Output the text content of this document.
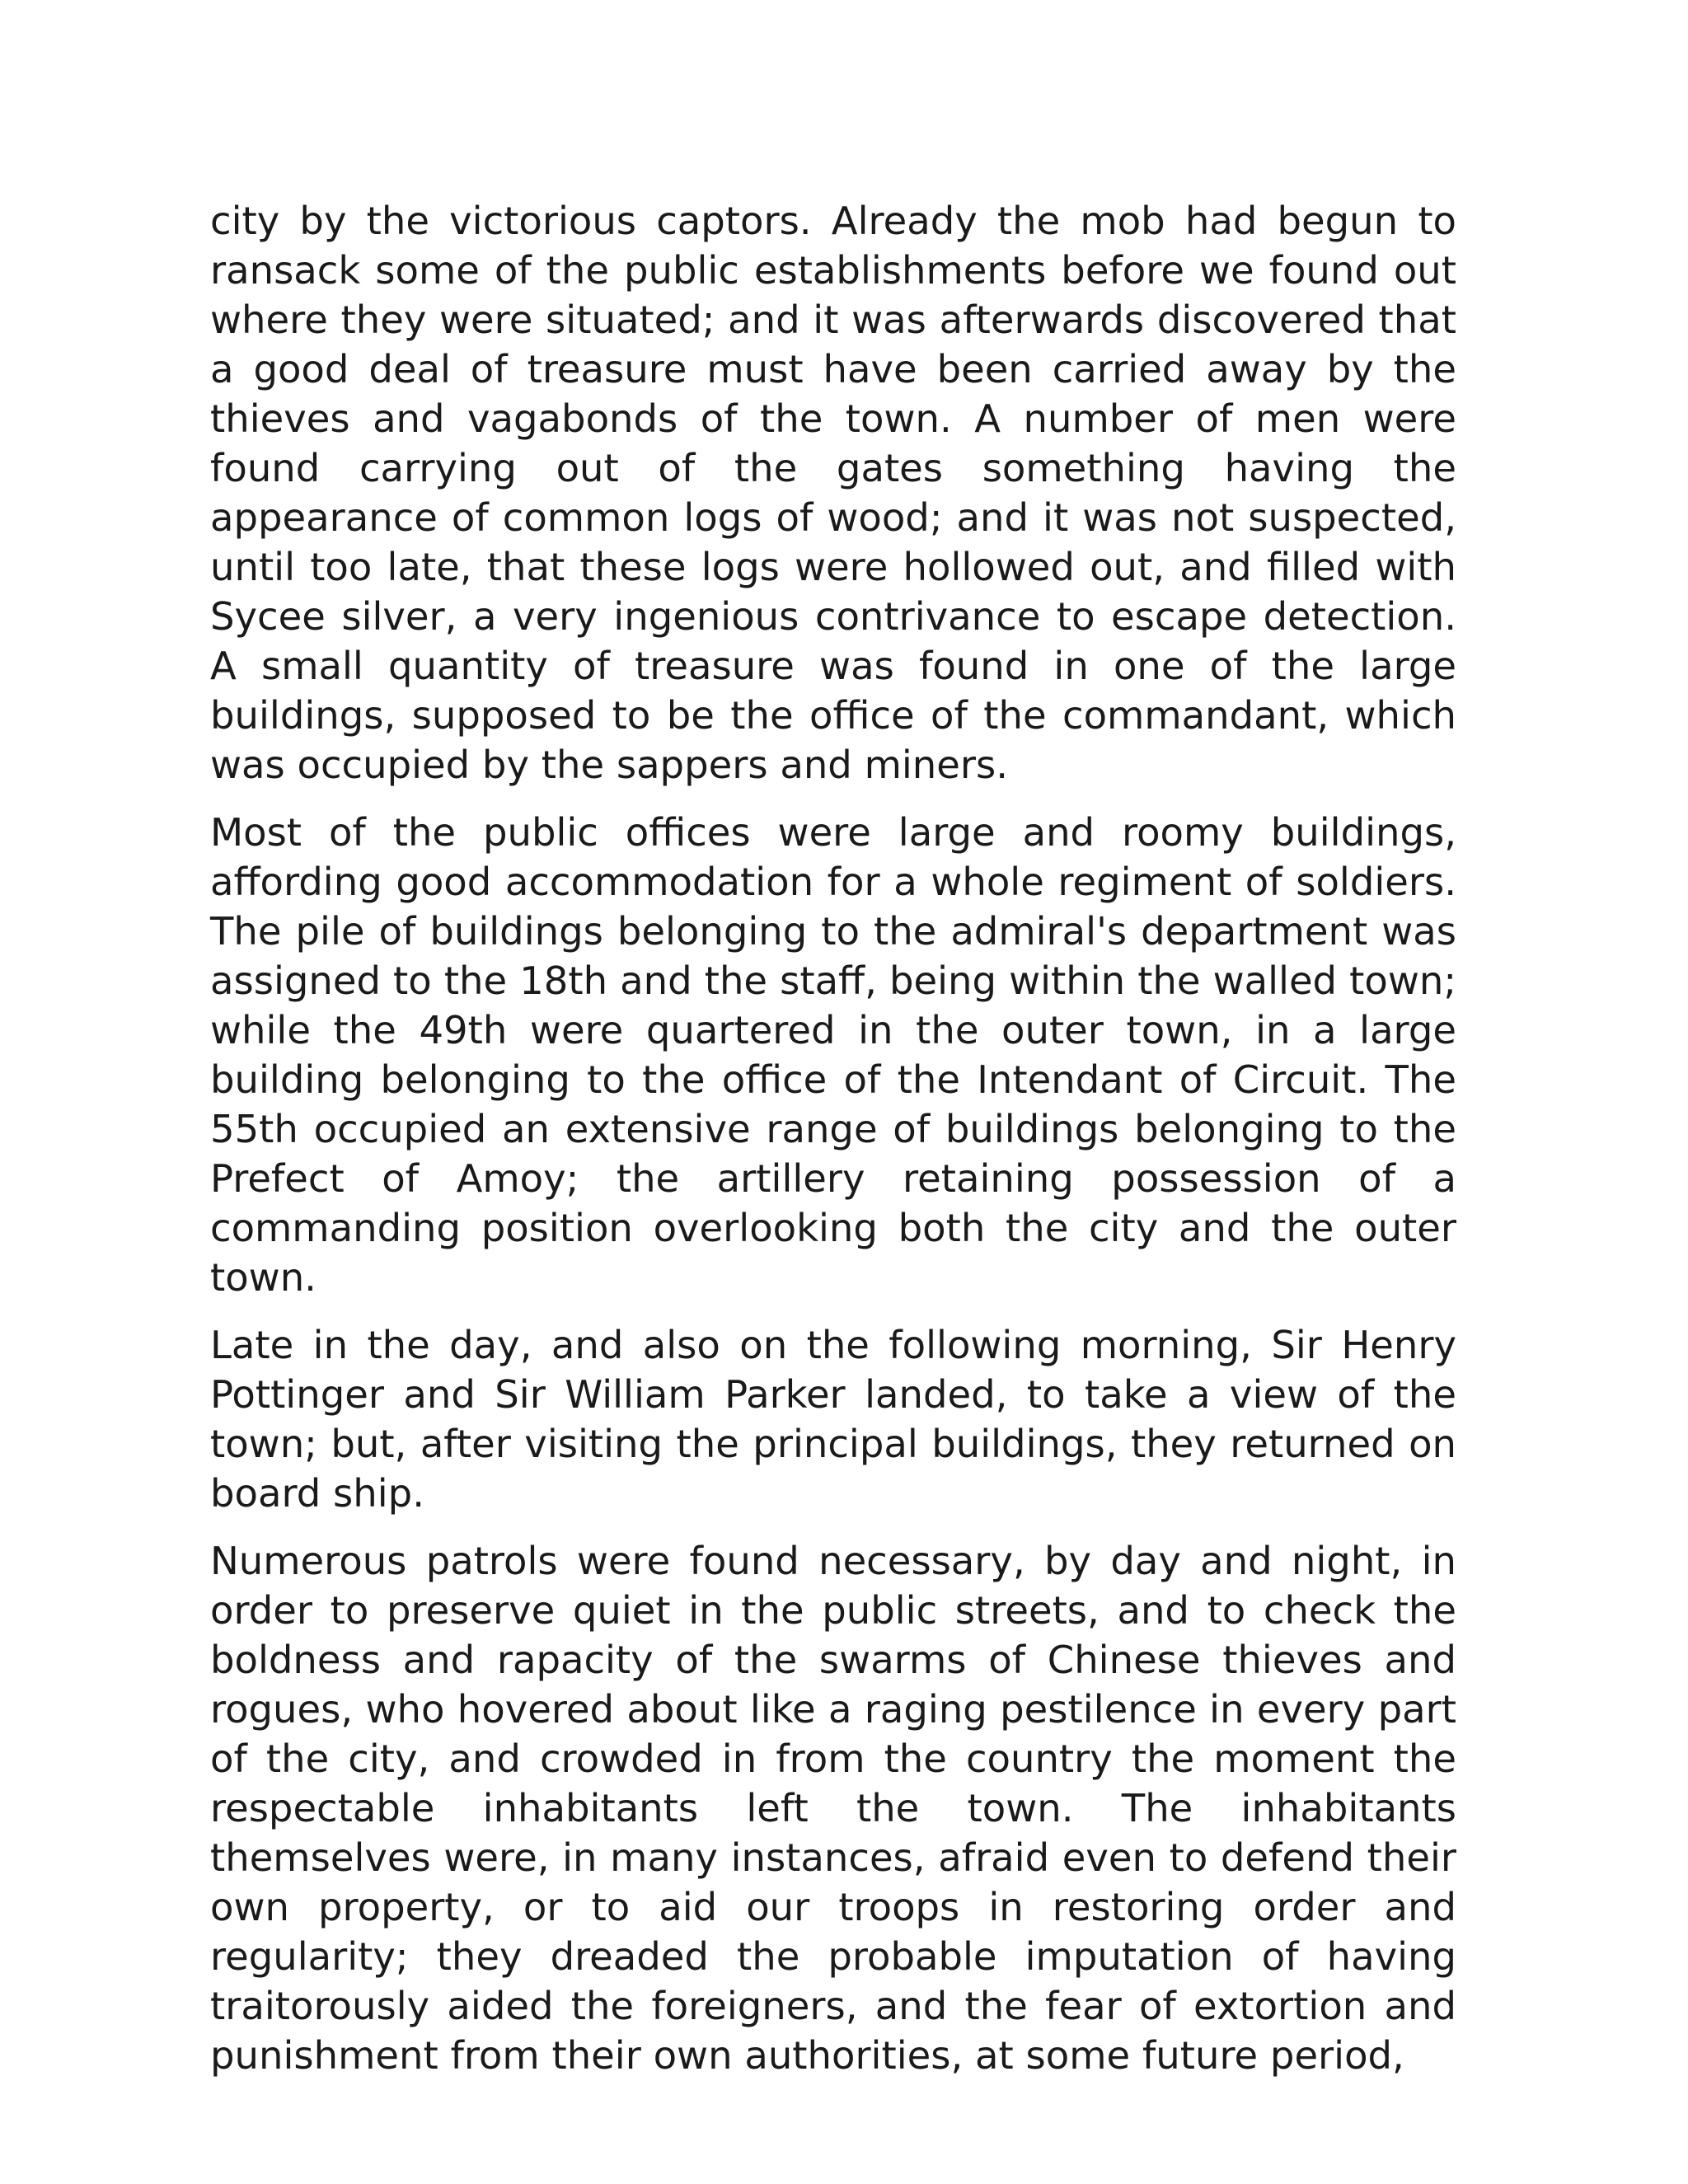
city by the victorious captors. Already the mob had begun to ransack some of the public establishments before we found out where they were situated; and it was afterwards discovered that a good deal of treasure must have been carried away by the thieves and vagabonds of the town. A number of men were found carrying out of the gates something having the appearance of common logs of wood; and it was not suspected, until too late, that these logs were hollowed out, and filled with Sycee silver, a very ingenious contrivance to escape detection. A small quantity of treasure was found in one of the large buildings, supposed to be the office of the commandant, which was occupied by the sappers and miners.

Most of the public offices were large and roomy buildings, affording good accommodation for a whole regiment of soldiers. The pile of buildings belonging to the admiral's department was assigned to the 18th and the staff, being within the walled town; while the 49th were quartered in the outer town, in a large building belonging to the office of the Intendant of Circuit. The 55th occupied an extensive range of buildings belonging to the Prefect of Amoy; the artillery retaining possession of a commanding position overlooking both the city and the outer town.

Late in the day, and also on the following morning, Sir Henry Pottinger and Sir William Parker landed, to take a view of the town; but, after visiting the principal buildings, they returned on board ship.

Numerous patrols were found necessary, by day and night, in order to preserve quiet in the public streets, and to check the boldness and rapacity of the swarms of Chinese thieves and rogues, who hovered about like a raging pestilence in every part of the city, and crowded in from the country the moment the respectable inhabitants left the town. The inhabitants themselves were, in many instances, afraid even to defend their own property, or to aid our troops in restoring order and regularity; they dreaded the probable imputation of having traitorously aided the foreigners, and the fear of extortion and punishment from their own authorities, at some future period,
